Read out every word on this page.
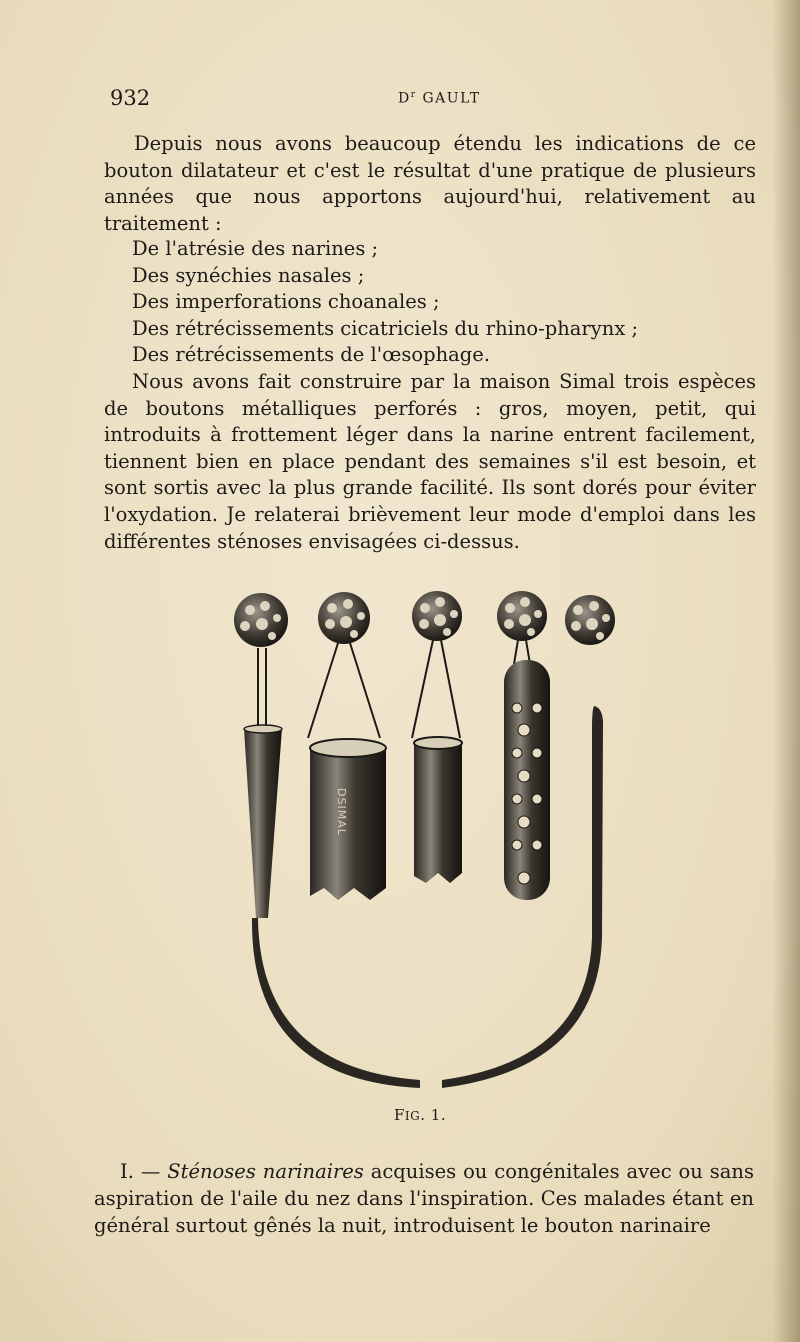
932	$D^r$ GAULT

Depuis nous avons beaucoup étendu les indications de ce bouton dilatateur et c'est le résultat d'une pratique de plusieurs années que nous apportons aujourd'hui, relativement au traitement :

De l'atrésie des narines ;
Des synéchies nasales ;
Des imperforations choanales ;
Des rétrécissements cicatriciels du rhino-pharynx ;
Des rétrécissements de l'œsophage.

Nous avons fait construire par la maison Simal trois espèces de boutons métalliques perforés : gros, moyen, petit, qui introduits à frottement léger dans la narine entrent facilement, tiennent bien en place pendant des semaines s'il est besoin, et sont sortis avec la plus grande facilité. Ils sont dorés pour éviter l'oxydation. Je relaterai brièvement leur mode d'emploi dans les différentes sténoses envisagées ci-dessus.

DSIMAL
FIG. 1.

I. — Sténoses narinaires acquises ou congénitales avec ou sans aspiration de l'aile du nez dans l'inspiration. Ces malades étant en général surtout gênés la nuit, introduisent le bouton narinaire
